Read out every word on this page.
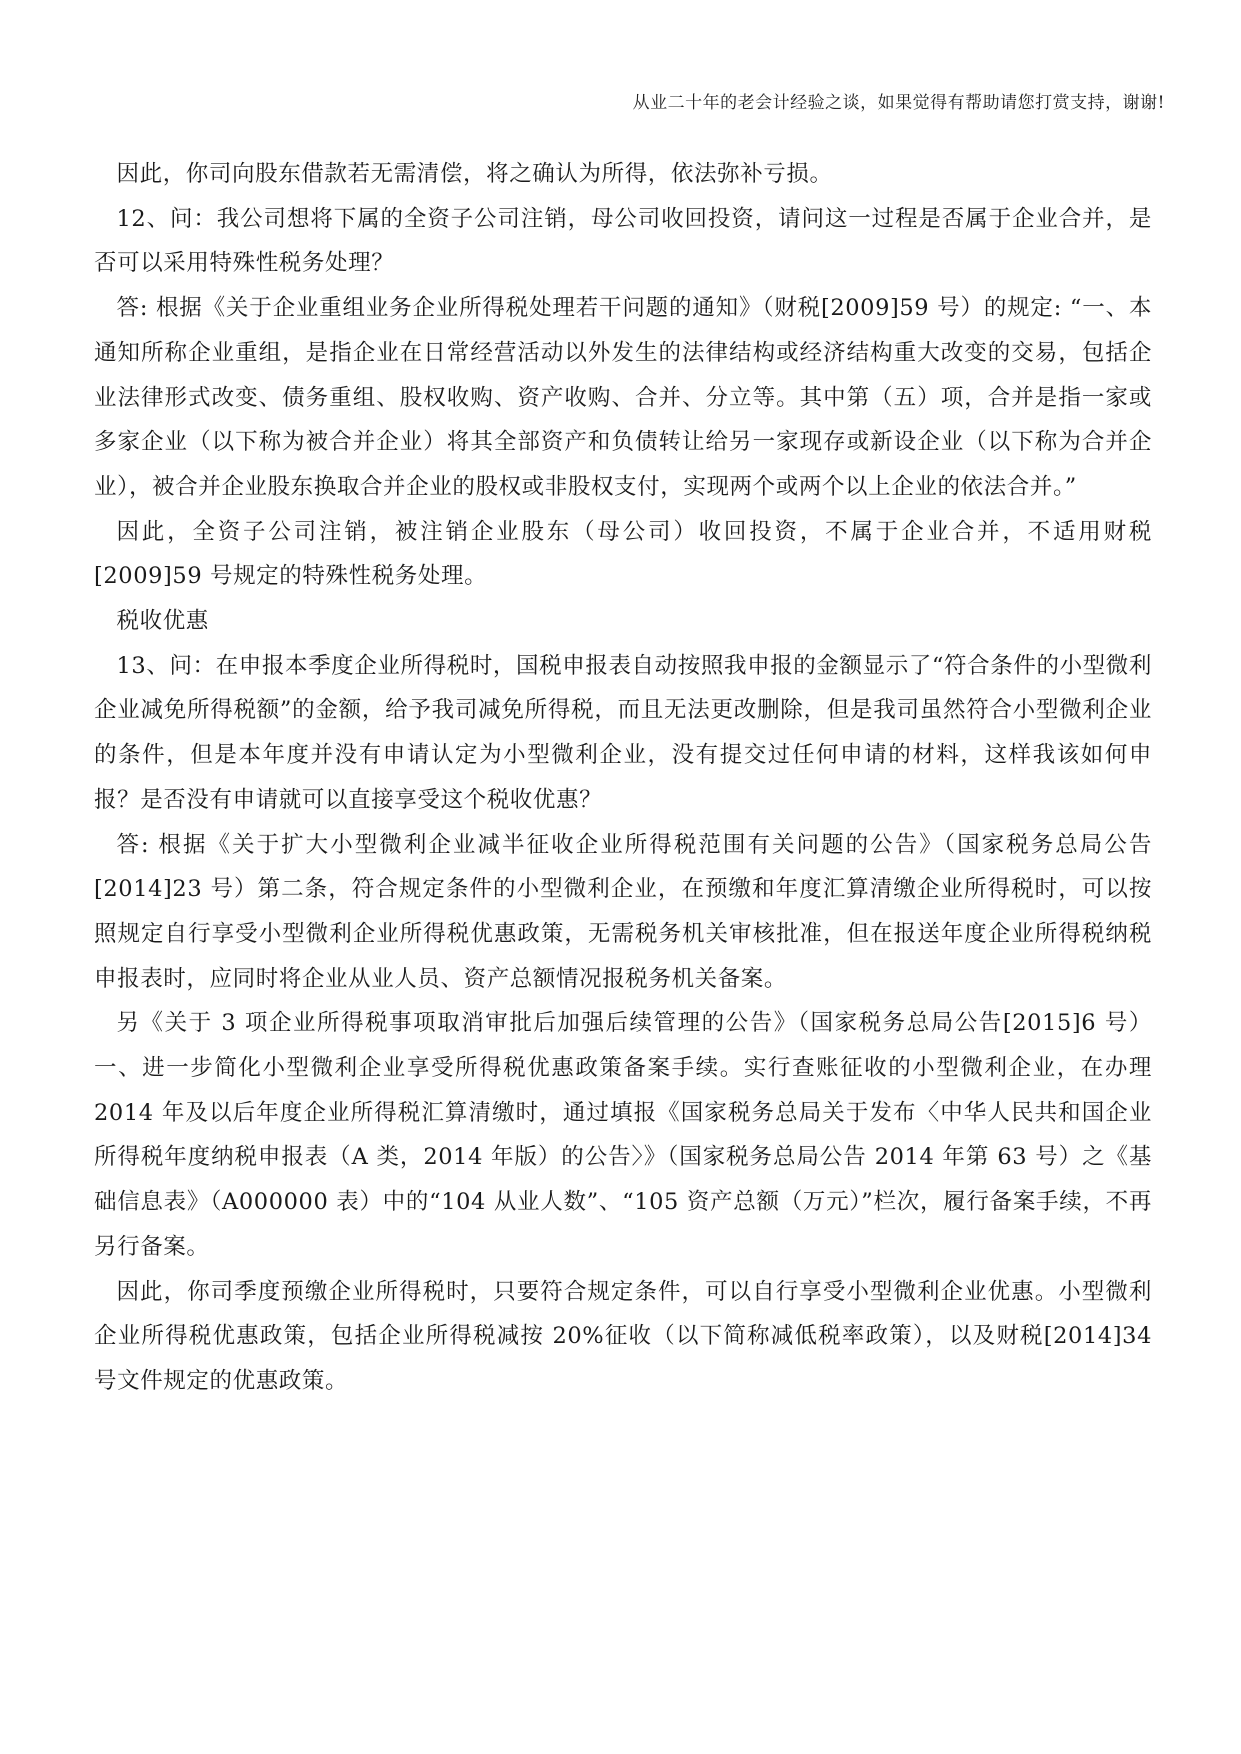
从业二十年的老会计经验之谈，如果觉得有帮助请您打赏支持，谢谢!

因此，你司向股东借款若无需清偿，将之确认为所得，依法弥补亏损。

12、问：我公司想将下属的全资子公司注销，母公司收回投资，请问这一过程是否属于企业合并，是否可以采用特殊性税务处理？

答: 根据《关于企业重组业务企业所得税处理若干问题的通知》（财税[2009]59 号）的规定: “一、本通知所称企业重组，是指企业在日常经营活动以外发生的法律结构或经济结构重大改变的交易，包括企业法律形式改变、债务重组、股权收购、资产收购、合并、分立等。其中第（五）项，合并是指一家或多家企业（以下称为被合并企业）将其全部资产和负债转让给另一家现存或新设企业（以下称为合并企业），被合并企业股东换取合并企业的股权或非股权支付，实现两个或两个以上企业的依法合并。”

因此，全资子公司注销，被注销企业股东（母公司）收回投资，不属于企业合并，不适用财税[2009]59 号规定的特殊性税务处理。

税收优惠

13、问：在申报本季度企业所得税时，国税申报表自动按照我申报的金额显示了“符合条件的小型微利企业减免所得税额”的金额，给予我司减免所得税，而且无法更改删除，但是我司虽然符合小型微利企业的条件，但是本年度并没有申请认定为小型微利企业，没有提交过任何申请的材料，这样我该如何申报？是否没有申请就可以直接享受这个税收优惠？

答: 根据《关于扩大小型微利企业减半征收企业所得税范围有关问题的公告》（国家税务总局公告[2014]23 号）第二条，符合规定条件的小型微利企业，在预缴和年度汇算清缴企业所得税时，可以按照规定自行享受小型微利企业所得税优惠政策，无需税务机关审核批准，但在报送年度企业所得税纳税申报表时，应同时将企业从业人员、资产总额情况报税务机关备案。

另《关于 3 项企业所得税事项取消审批后加强后续管理的公告》（国家税务总局公告[2015]6 号）一、进一步简化小型微利企业享受所得税优惠政策备案手续。实行查账征收的小型微利企业，在办理 2014 年及以后年度企业所得税汇算清缴时，通过填报《国家税务总局关于发布〈中华人民共和国企业所得税年度纳税申报表（A 类，2014 年版）的公告〉》（国家税务总局公告 2014 年第 63 号）之《基础信息表》（A000000 表）中的“104 从业人数”、“105 资产总额（万元）”栏次，履行备案手续，不再另行备案。

因此，你司季度预缴企业所得税时，只要符合规定条件，可以自行享受小型微利企业优惠。小型微利企业所得税优惠政策，包括企业所得税减按 20%征收（以下简称减低税率政策），以及财税[2014]34 号文件规定的优惠政策。
